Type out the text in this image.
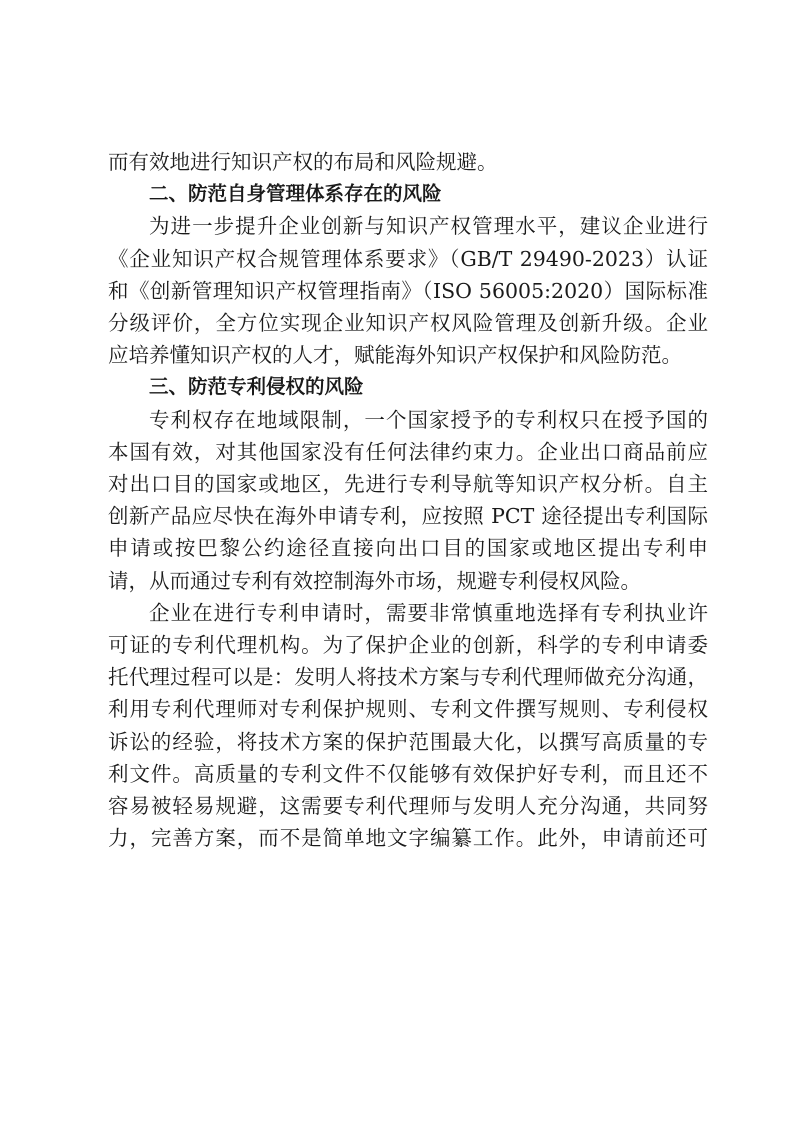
而有效地进行知识产权的布局和风险规避。
二、防范自身管理体系存在的风险
为进一步提升企业创新与知识产权管理水平，建议企业进行
《企业知识产权合规管理体系要求》（GB/T 29490-2023）认证
和《创新管理知识产权管理指南》（ISO 56005:2020）国际标准
分级评价，全方位实现企业知识产权风险管理及创新升级。企业
应培养懂知识产权的人才，赋能海外知识产权保护和风险防范。
三、防范专利侵权的风险
专利权存在地域限制，一个国家授予的专利权只在授予国的
本国有效，对其他国家没有任何法律约束力。企业出口商品前应
对出口目的国家或地区，先进行专利导航等知识产权分析。自主
创新产品应尽快在海外申请专利，应按照 PCT 途径提出专利国际
申请或按巴黎公约途径直接向出口目的国家或地区提出专利申
请，从而通过专利有效控制海外市场，规避专利侵权风险。
企业在进行专利申请时，需要非常慎重地选择有专利执业许
可证的专利代理机构。为了保护企业的创新，科学的专利申请委
托代理过程可以是：发明人将技术方案与专利代理师做充分沟通，
利用专利代理师对专利保护规则、专利文件撰写规则、专利侵权
诉讼的经验，将技术方案的保护范围最大化，以撰写高质量的专
利文件。高质量的专利文件不仅能够有效保护好专利，而且还不
容易被轻易规避，这需要专利代理师与发明人充分沟通，共同努
力，完善方案，而不是简单地文字编纂工作。此外，申请前还可
